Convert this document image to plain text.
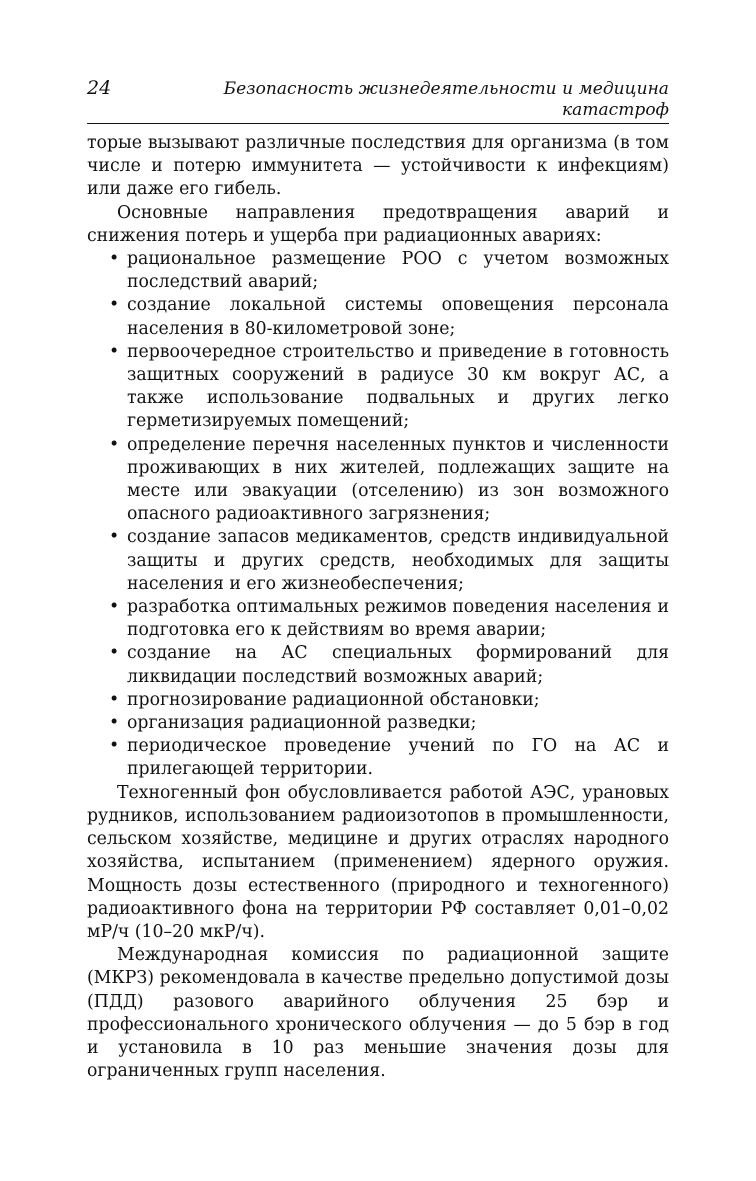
24	Безопасность жизнедеятельности и медицина катастроф

торые вызывают различные последствия для организма (в том числе и потерю иммунитета — устойчивости к инфекциям) или даже его гибель.

Основные направления предотвращения аварий и снижения потерь и ущерба при радиационных авариях:

• рациональное размещение РОО с учетом возможных последствий аварий;
• создание локальной системы оповещения персонала населения в 80-километровой зоне;
• первоочередное строительство и приведение в готовность защитных сооружений в радиусе 30 км вокруг АС, а также использование подвальных и других легко герметизируемых помещений;
• определение перечня населенных пунктов и численности проживающих в них жителей, подлежащих защите на месте или эвакуации (отселению) из зон возможного опасного радиоактивного загрязнения;
• создание запасов медикаментов, средств индивидуальной защиты и других средств, необходимых для защиты населения и его жизнеобеспечения;
• разработка оптимальных режимов поведения населения и подготовка его к действиям во время аварии;
• создание на АС специальных формирований для ликвидации последствий возможных аварий;
• прогнозирование радиационной обстановки;
• организация радиационной разведки;
• периодическое проведение учений по ГО на АС и прилегающей территории.

Техногенный фон обусловливается работой АЭС, урановых рудников, использованием радиоизотопов в промышленности, сельском хозяйстве, медицине и других отраслях народного хозяйства, испытанием (применением) ядерного оружия. Мощность дозы естественного (природного и техногенного) радиоактивного фона на территории РФ составляет 0,01–0,02 мР/ч (10–20 мкР/ч).

Международная комиссия по радиационной защите (МКРЗ) рекомендовала в качестве предельно допустимой дозы (ПДД) разового аварийного облучения 25 бэр и профессионального хронического облучения — до 5 бэр в год и установила в 10 раз меньшие значения дозы для ограниченных групп населения.
